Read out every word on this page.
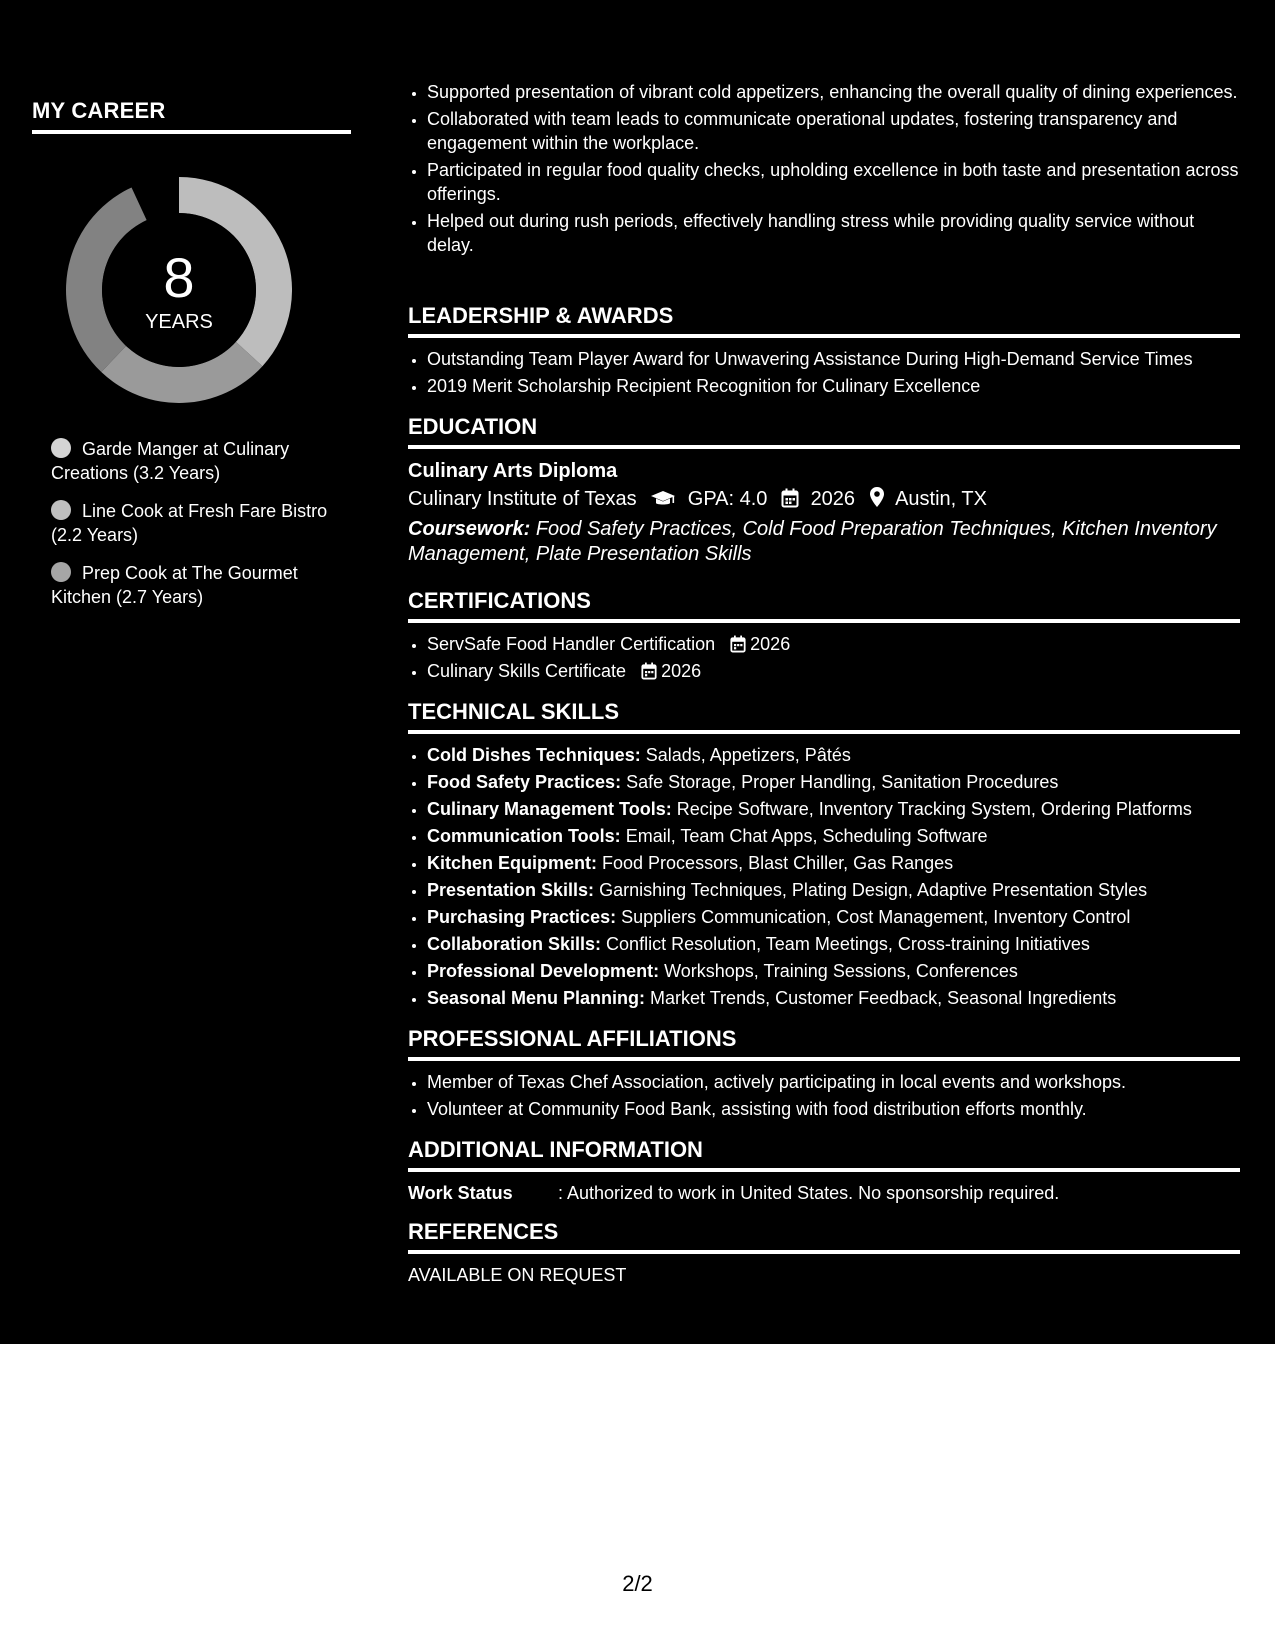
MY CAREER
8
YEARS
Garde Manger at Culinary Creations (3.2 Years)
Line Cook at Fresh Fare Bistro (2.2 Years)
Prep Cook at The Gourmet Kitchen (2.7 Years)
• Supported presentation of vibrant cold appetizers, enhancing the overall quality of dining experiences.
• Collaborated with team leads to communicate operational updates, fostering transparency and engagement within the workplace.
• Participated in regular food quality checks, upholding excellence in both taste and presentation across offerings.
• Helped out during rush periods, effectively handling stress while providing quality service without delay.
LEADERSHIP & AWARDS
• Outstanding Team Player Award for Unwavering Assistance During High-Demand Service Times
• 2019 Merit Scholarship Recipient Recognition for Culinary Excellence
EDUCATION
Culinary Arts Diploma
Culinary Institute of Texas	GPA: 4.0 2026 Austin, TX
Coursework: Food Safety Practices, Cold Food Preparation Techniques, Kitchen Inventory Management, Plate Presentation Skills
CERTIFICATIONS
• ServSafe Food Handler Certification 2026
• Culinary Skills Certificate 2026
TECHNICAL SKILLS
• Cold Dishes Techniques: Salads, Appetizers, Pâtés
• Food Safety Practices: Safe Storage, Proper Handling, Sanitation Procedures
• Culinary Management Tools: Recipe Software, Inventory Tracking System, Ordering Platforms
• Communication Tools: Email, Team Chat Apps, Scheduling Software
• Kitchen Equipment: Food Processors, Blast Chiller, Gas Ranges
• Presentation Skills: Garnishing Techniques, Plating Design, Adaptive Presentation Styles
• Purchasing Practices: Suppliers Communication, Cost Management, Inventory Control
• Collaboration Skills: Conflict Resolution, Team Meetings, Cross-training Initiatives
• Professional Development: Workshops, Training Sessions, Conferences
• Seasonal Menu Planning: Market Trends, Customer Feedback, Seasonal Ingredients
PROFESSIONAL AFFILIATIONS
• Member of Texas Chef Association, actively participating in local events and workshops.
• Volunteer at Community Food Bank, assisting with food distribution efforts monthly.
ADDITIONAL INFORMATION
Work Status	: Authorized to work in United States. No sponsorship required.
REFERENCES
AVAILABLE ON REQUEST
2/2
